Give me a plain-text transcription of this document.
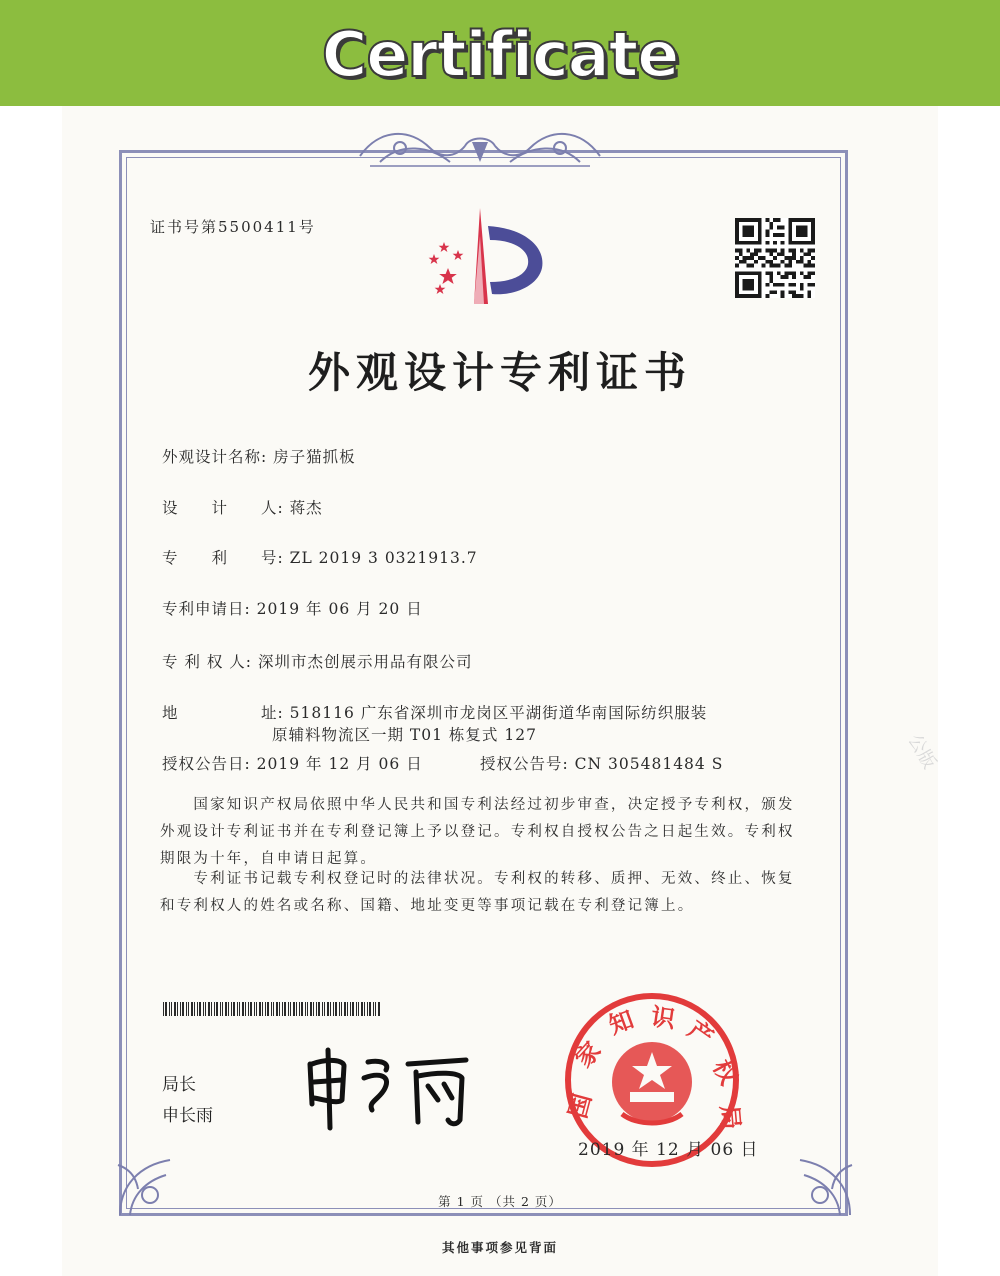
Certificate
证书号第5500411号
外观设计专利证书
外观设计名称: 房子猫抓板
设　　计　　人: 蒋杰
专　　利　　号: ZL 2019 3 0321913.7
专利申请日: 2019 年 06 月 20 日
专 利 权 人: 深圳市杰创展示用品有限公司
地　　　　　址: 518116 广东省深圳市龙岗区平湖街道华南国际纺织服装
原辅料物流区一期 T01 栋复式 127
授权公告日: 2019 年 12 月 06 日	授权公告号: CN 305481484 S
　　国家知识产权局依照中华人民共和国专利法经过初步审查，决定授予专利权，颁发外观设计专利证书并在专利登记簿上予以登记。专利权自授权公告之日起生效。专利权期限为十年，自申请日起算。
　　专利证书记载专利权登记时的法律状况。专利权的转移、质押、无效、终止、恢复和专利权人的姓名或名称、国籍、地址变更等事项记载在专利登记簿上。
局长
申长雨	国
家
知 识 产
权
局
2019 年 12 月 06 日
第 1 页 （共 2 页）
其他事项参见背面
公版
